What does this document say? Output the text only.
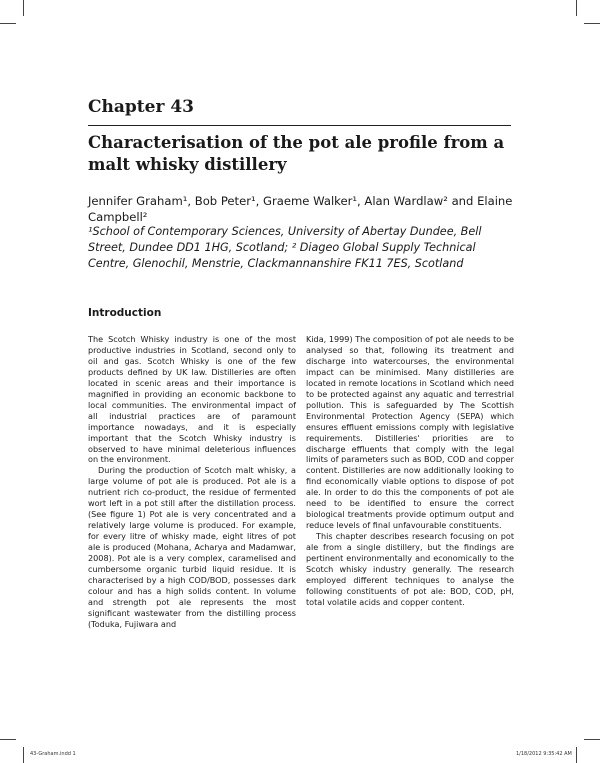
Chapter 43
Characterisation of the pot ale profile from a malt whisky distillery
Jennifer Graham¹, Bob Peter¹, Graeme Walker¹, Alan Wardlaw² and Elaine Campbell²
¹School of Contemporary Sciences, University of Abertay Dundee, Bell Street, Dundee DD1 1HG, Scotland; ² Diageo Global Supply Technical Centre, Glenochil, Menstrie, Clackmannanshire FK11 7ES, Scotland
Introduction

The Scotch Whisky industry is one of the most productive industries in Scotland, second only to oil and gas. Scotch Whisky is one of the few products defined by UK law. Distilleries are often located in scenic areas and their importance is magnified in providing an economic backbone to local communities. The environmental impact of all industrial practices are of paramount importance nowadays, and it is especially important that the Scotch Whisky industry is observed to have minimal deleterious influences on the environment.

During the production of Scotch malt whisky, a large volume of pot ale is produced. Pot ale is a nutrient rich co-product, the residue of fermented wort left in a pot still after the distillation process. (See figure 1) Pot ale is very concentrated and a relatively large volume is produced. For example, for every litre of whisky made, eight litres of pot ale is produced (Mohana, Acharya and Madamwar, 2008). Pot ale is a very complex, caramelised and cumbersome organic turbid liquid residue. It is characterised by a high COD/BOD, possesses dark colour and has a high solids content. In volume and strength pot ale represents the most significant wastewater from the distilling process (Toduka, Fujiwara and

Kida, 1999) The composition of pot ale needs to be analysed so that, following its treatment and discharge into watercourses, the environmental impact can be minimised. Many distilleries are located in remote locations in Scotland which need to be protected against any aquatic and terrestrial pollution. This is safeguarded by The Scottish Environmental Protection Agency (SEPA) which ensures effluent emissions comply with legislative requirements. Distilleries' priorities are to discharge effluents that comply with the legal limits of parameters such as BOD, COD and copper content. Distilleries are now additionally looking to find economically viable options to dispose of pot ale. In order to do this the components of pot ale need to be identified to ensure the correct biological treatments provide optimum output and reduce levels of final unfavourable constituents.

This chapter describes research focusing on pot ale from a single distillery, but the findings are pertinent environmentally and economically to the Scotch whisky industry generally. The research employed different techniques to analyse the following constituents of pot ale: BOD, COD, pH, total volatile acids and copper content.

43-Graham.indd 1	1/18/2012 9:35:42 AM
